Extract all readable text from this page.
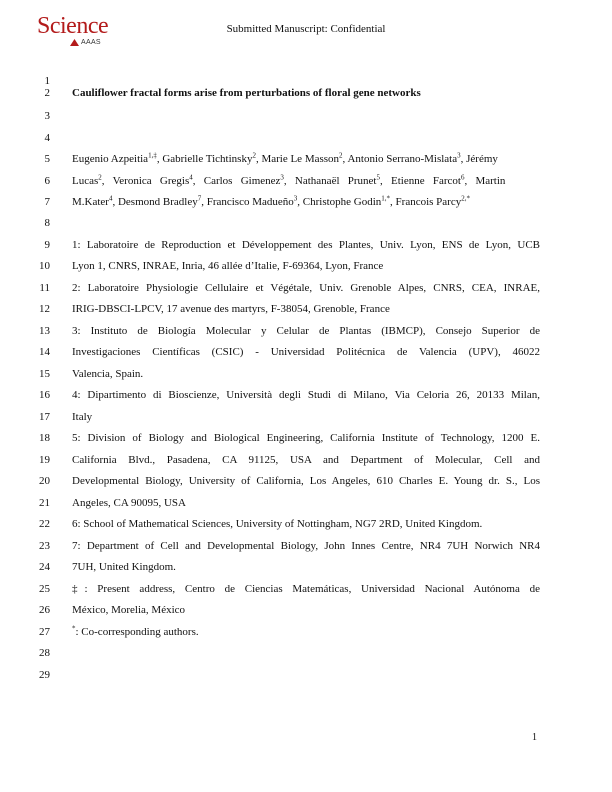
Science
AAAS
Submitted Manuscript: Confidential
1
2 Cauliflower fractal forms arise from perturbations of floral gene networks
3
4
5 Eugenio Azpeitia$^{1,\ddagger}$, Gabrielle Tichtinsky$^2$, Marie Le Masson$^2$, Antonio Serrano-Mislata$^3$, Jérémy
6 Lucas$^2$,   Veronica   Gregis$^4$,   Carlos   Gimenez$^3$,   Nathanaël   Prunet$^5$,   Etienne   Farcot$^6$,   Martin
7 M.Kater$^4$, Desmond Bradley$^7$, Francisco Madueño$^3$, Christophe Godin$^{1,*}$, Francois Parcy$^{2,*}$
8
9 1: Laboratoire de Reproduction et Développement des Plantes, Univ. Lyon, ENS de Lyon, UCB
10 Lyon 1, CNRS, INRAE, Inria, 46 allée d’Italie, F-69364, Lyon, France
11 2: Laboratoire Physiologie Cellulaire et Végétale, Univ. Grenoble Alpes, CNRS, CEA, INRAE,
12 IRIG-DBSCI-LPCV, 17 avenue des martyrs, F-38054, Grenoble, France
13 3: Instituto de Biología Molecular y Celular de Plantas (IBMCP), Consejo Superior de
14 Investigaciones Científicas (CSIC) - Universidad Politécnica de Valencia (UPV), 46022
15 Valencia, Spain.
16 4: Dipartimento di Bioscienze, Università degli Studi di Milano, Via Celoria 26, 20133 Milan,
17 Italy
18 5: Division of Biology and Biological Engineering, California Institute of Technology, 1200 E.
19 California Blvd., Pasadena, CA 91125, USA and Department of Molecular, Cell and
20 Developmental Biology, University of California, Los Angeles, 610 Charles E. Young dr. S., Los
21 Angeles, CA 90095, USA
22 6: School of Mathematical Sciences, University of Nottingham, NG7 2RD, United Kingdom.
23 7: Department of Cell and Developmental Biology, John Innes Centre, NR4 7UH Norwich NR4
24 7UH, United Kingdom.
25 ‡: Present address, Centro de Ciencias Matemáticas, Universidad Nacional Autónoma de
26 México, Morelia, México
27	*: Co-corresponding authors.
28
29
1
